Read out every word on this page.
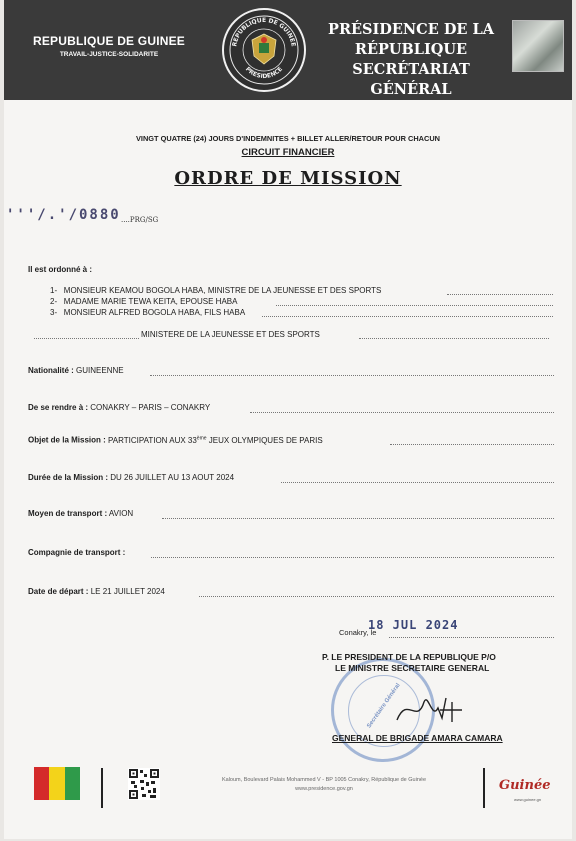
REPUBLIQUE DE GUINEE
TRAVAIL-JUSTICE-SOLIDARITE
REPUBLIQUE DE GUINEE
PRESIDENCE
PRÉSIDENCE DE LA RÉPUBLIQUE
SECRÉTARIAT GÉNÉRAL
VINGT QUATRE (24) JOURS D'INDEMNITES + BILLET ALLER/RETOUR POUR CHACUN
CIRCUIT FINANCIER
ORDRE DE MISSION
'''/.'/0880 ....PRG/SG
Il est ordonné à :
1- MONSIEUR KEAMOU BOGOLA HABA, MINISTRE DE LA JEUNESSE ET DES SPORTS
2- MADAME MARIE TEWA KEITA, EPOUSE HABA
3- MONSIEUR ALFRED BOGOLA HABA, FILS HABA
MINISTERE DE LA JEUNESSE ET DES SPORTS
Nationalité : GUINEENNE
De se rendre à : CONAKRY – PARIS – CONAKRY
Objet de la Mission : PARTICIPATION AUX 33ème JEUX OLYMPIQUES DE PARIS
Durée de la Mission : DU 26 JUILLET AU 13 AOUT 2024
Moyen de transport : AVION
Compagnie de transport :
Date de départ : LE 21 JUILLET 2024
Conakry, le
18 JUL 2024
Secrétaire Général
P. LE PRESIDENT DE LA REPUBLIQUE P/O
LE MINISTRE SECRETAIRE GENERAL
GENERAL DE BRIGADE AMARA CAMARA
Kaloum, Boulevard Palais Mohammed V - BP 1005 Conakry, République de Guinée
www.presidence.gov.gn	Guinée
www.guinee.gn
